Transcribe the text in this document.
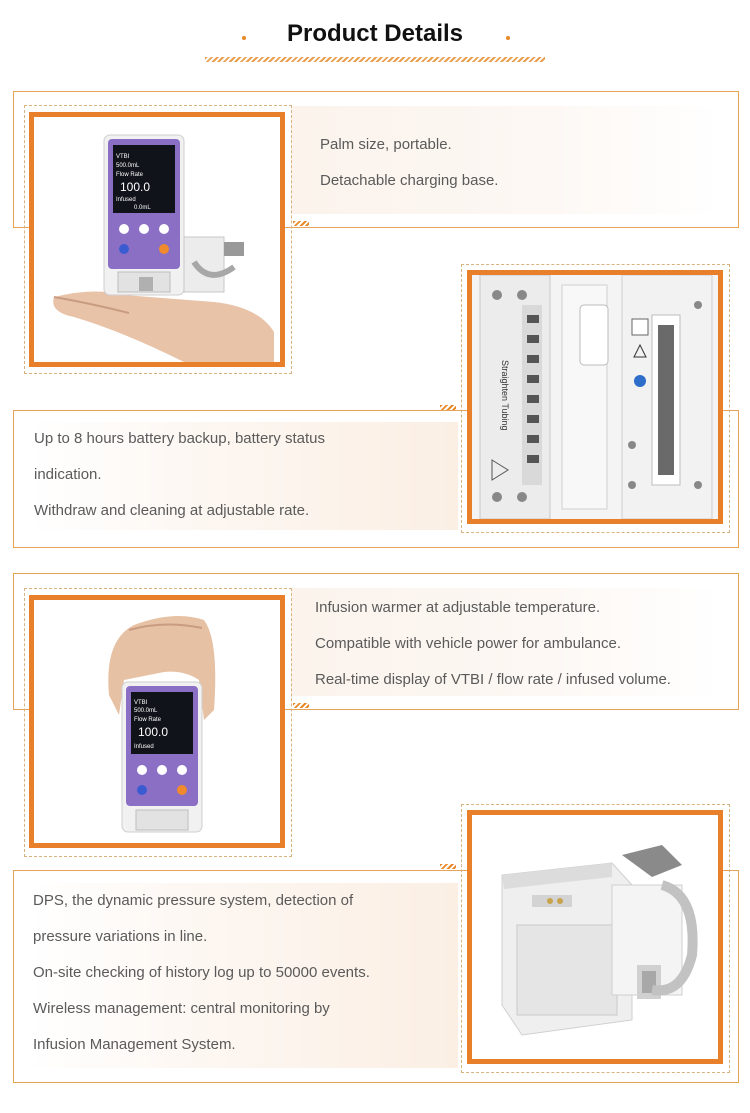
Product Details

Palm size, portable.

Detachable charging base.

VTBI
500.0mL
Flow Rate
100.0
Infused
0.0mL

Up to 8 hours battery backup, battery status

indication.

Withdraw and cleaning at adjustable rate.

Straighten Tubing

Infusion warmer at adjustable temperature.

Compatible with vehicle power for ambulance.

Real-time display of VTBI / flow rate / infused volume.

VTBI
500.0mL
Flow Rate
100.0
Infused

DPS, the dynamic pressure system, detection of

pressure variations in line.

On-site checking of history log up to 50000 events.

Wireless management: central monitoring by

Infusion Management System.
